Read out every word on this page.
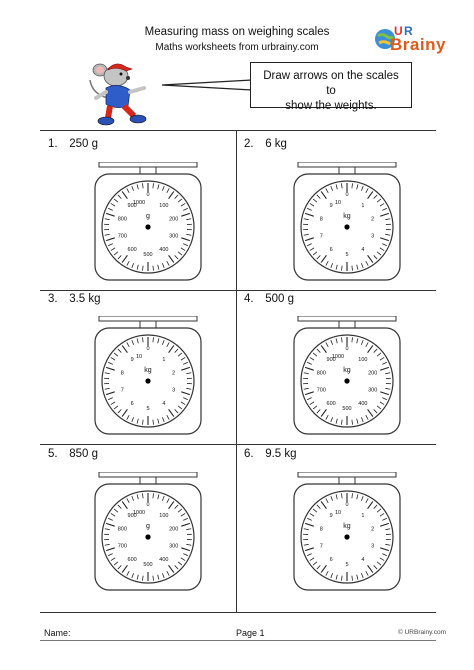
Measuring mass on weighing scales
Maths worksheets from urbrainy.com
U R
Brainy
Draw arrows on the scales to
show the weights.
1. 250 g
0
1000
100
200
300
400
500
600
700
800
900
g
2. 6 kg
0
10
1
2
3
4
5
6
7
8
9
kg
3. 3.5 kg
0
10
1
2
3
4
5
6
7
8
9
kg
4. 500 g
0
1000
100
200
300
400
500
600
700
800
900
kg
5. 850 g
0
1000
100
200
300
400
500
600
700
800
900
g
6. 9.5 kg
0
10
1
2
3
4
5
6
7
8
9
kg
Name:	Page 1	© URBrainy.com
